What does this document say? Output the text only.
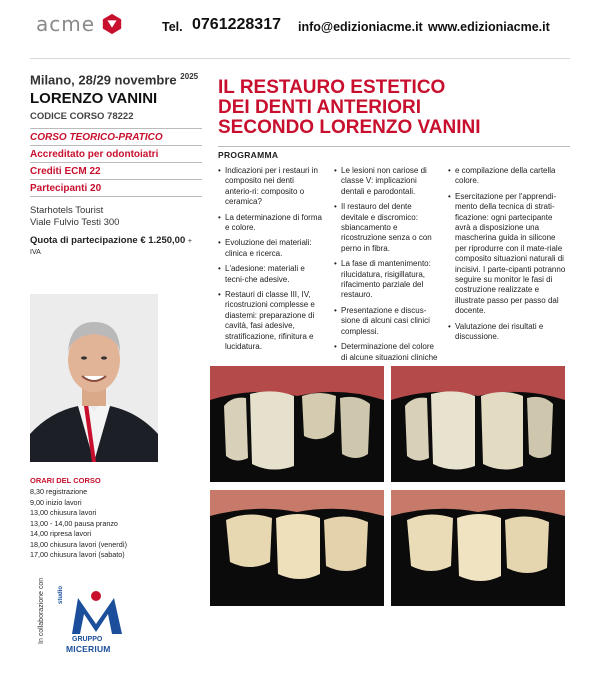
acme	Tel. 0761228317 info@edizioniacme.it www.edizioniacme.it
Milano, 28/29 novembre $^{2025}$
LORENZO VANINI
CODICE CORSO 78222
CORSO TEORICO-PRATICO
Accreditato per odontoiatri
Crediti ECM 22
Partecipanti 20
Starhotels Tourist
Viale Fulvio Testi 300
Quota di partecipazione € 1.250,00 + IVA
ORARI DEL CORSO
8,30 registrazione
9,00 inizio lavori
13,00 chiusura lavori
13,00 - 14,00 pausa pranzo
14,00 ripresa lavori
18,00 chiusura lavori (venerdì)
17,00 chiusura lavori (sabato)
In collaborazione con studio
GRUPPO
MICERIUM
IL RESTAURO ESTETICO
DEI DENTI ANTERIORI
SECONDO LORENZO VANINI
PROGRAMMA
• Indicazioni per i restauri in composito nei denti anterio-ri: composito o ceramica?
• La determinazione di forma e colore.
• Evoluzione dei materiali: clinica e ricerca.
• L'adesione: materiali e tecni-che adesive.
• Restauri di classe III, IV, ricostruzioni complesse e diastemi: preparazione di cavità, fasi adesive, stratificazione, rifinitura e lucidatura.
• Le lesioni non cariose di classe V: implicazioni dentali e parodontali.
• Il restauro del dente devitale e discromico: sbiancamento e ricostruzione senza o con perno in fibra.
• La fase di mantenimento: rilucidatura, risigillatura, rifacimento parziale del restauro.
• Presentazione e discus-sione di alcuni casi clinici complessi.
• Determinazione del colore di alcune situazioni cliniche
• e compilazione della cartella colore.
• Esercitazione per l'apprendi-mento della tecnica di strati-ficazione: ogni partecipante avrà a disposizione una mascherina guida in silicone per riprodurre con il mate-riale composito situazioni naturali di incisivi. I parte-cipanti potranno seguire su monitor le fasi di costruzione realizzate e illustrate passo per passo dal docente.
• Valutazione dei risultati e discussione.
